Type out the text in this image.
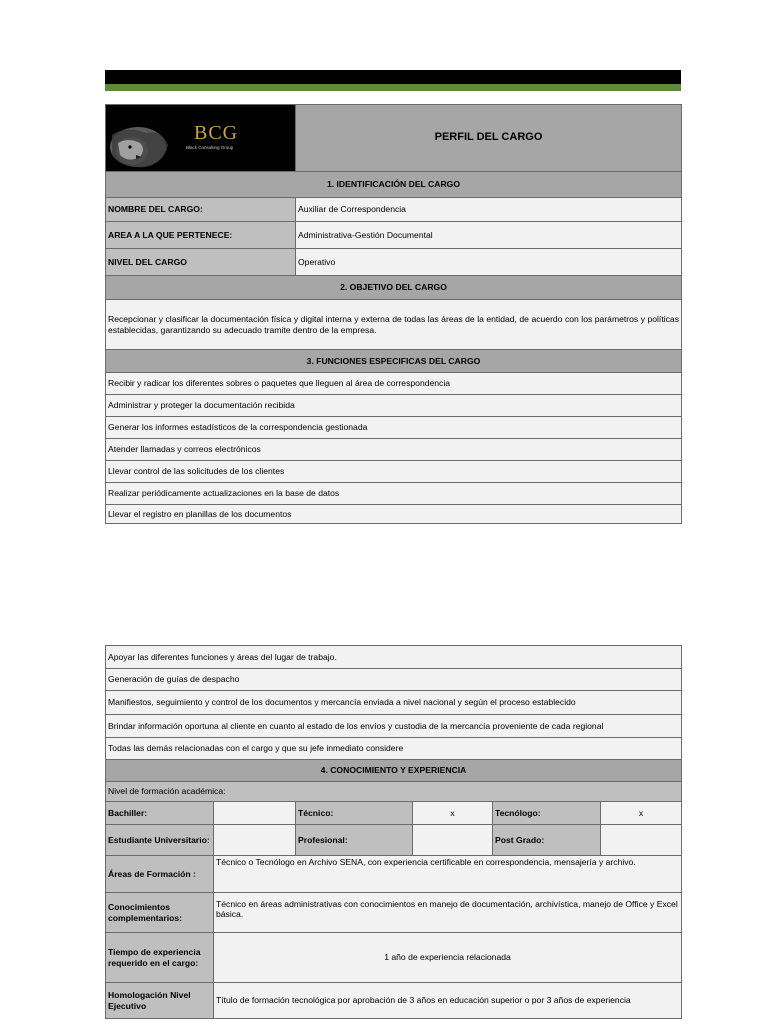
BCG
Black Consulting Group	PERFIL DEL CARGO
1. IDENTIFICACIÓN DEL CARGO	
NOMBRE DEL CARGO:	Auxiliar de Correspondencia
AREA A LA QUE PERTENECE:	Administrativa-Gestión Documental
NIVEL DEL CARGO	Operativo
2. OBJETIVO DEL CARGO	
Recepcionar y clasificar la documentación física y digital interna y externa de todas las áreas de la entidad, de acuerdo con los parámetros y políticas establecidas, garantizando su adecuado tramite dentro de la empresa.	
3. FUNCIONES ESPECIFICAS DEL CARGO	
Recibir y radicar los diferentes sobres o paquetes que lleguen al área de correspondencia	
Administrar y proteger la documentación recibida	
Generar los informes estadísticos de la correspondencia gestionada	
Atender llamadas y correos electrónicos	
Llevar control de las solicitudes de los clientes	
Realizar periódicamente actualizaciones en la base de datos	
Llevar el registro en planillas de los documentos	
Apoyar las diferentes funciones y áreas del lugar de trabajo.					
Generación de guías de despacho					
Manifiestos, seguimiento y control de los documentos y mercancía enviada a nivel nacional y según el proceso establecido					
Brindar información oportuna al cliente en cuanto al estado de los envíos y custodia de la mercancía proveniente de cada regional					
Todas las demás relacionadas con el cargo y que su jefe inmediato considere					
4. CONOCIMIENTO Y EXPERIENCIA					
Nivel de formación académica:					
Bachiller:		Técnico:	x	Tecnólogo:	x
Estudiante Universitario:		Profesional:		Post Grado:	
Áreas de Formación :	Técnico o Tecnólogo en Archivo SENA, con experiencia certificable en correspondencia, mensajería y archivo.				
Conocimientos complementarios:	Técnico en áreas administrativas con conocimientos en manejo de documentación, archivística, manejo de Office y Excel básica.				
Tiempo de experiencia requerido en el cargo:	1 año de experiencia relacionada				
Homologación Nivel Ejecutivo	Título de formación tecnológica por aprobación de 3 años en educación superior o por 3 años de experiencia				
